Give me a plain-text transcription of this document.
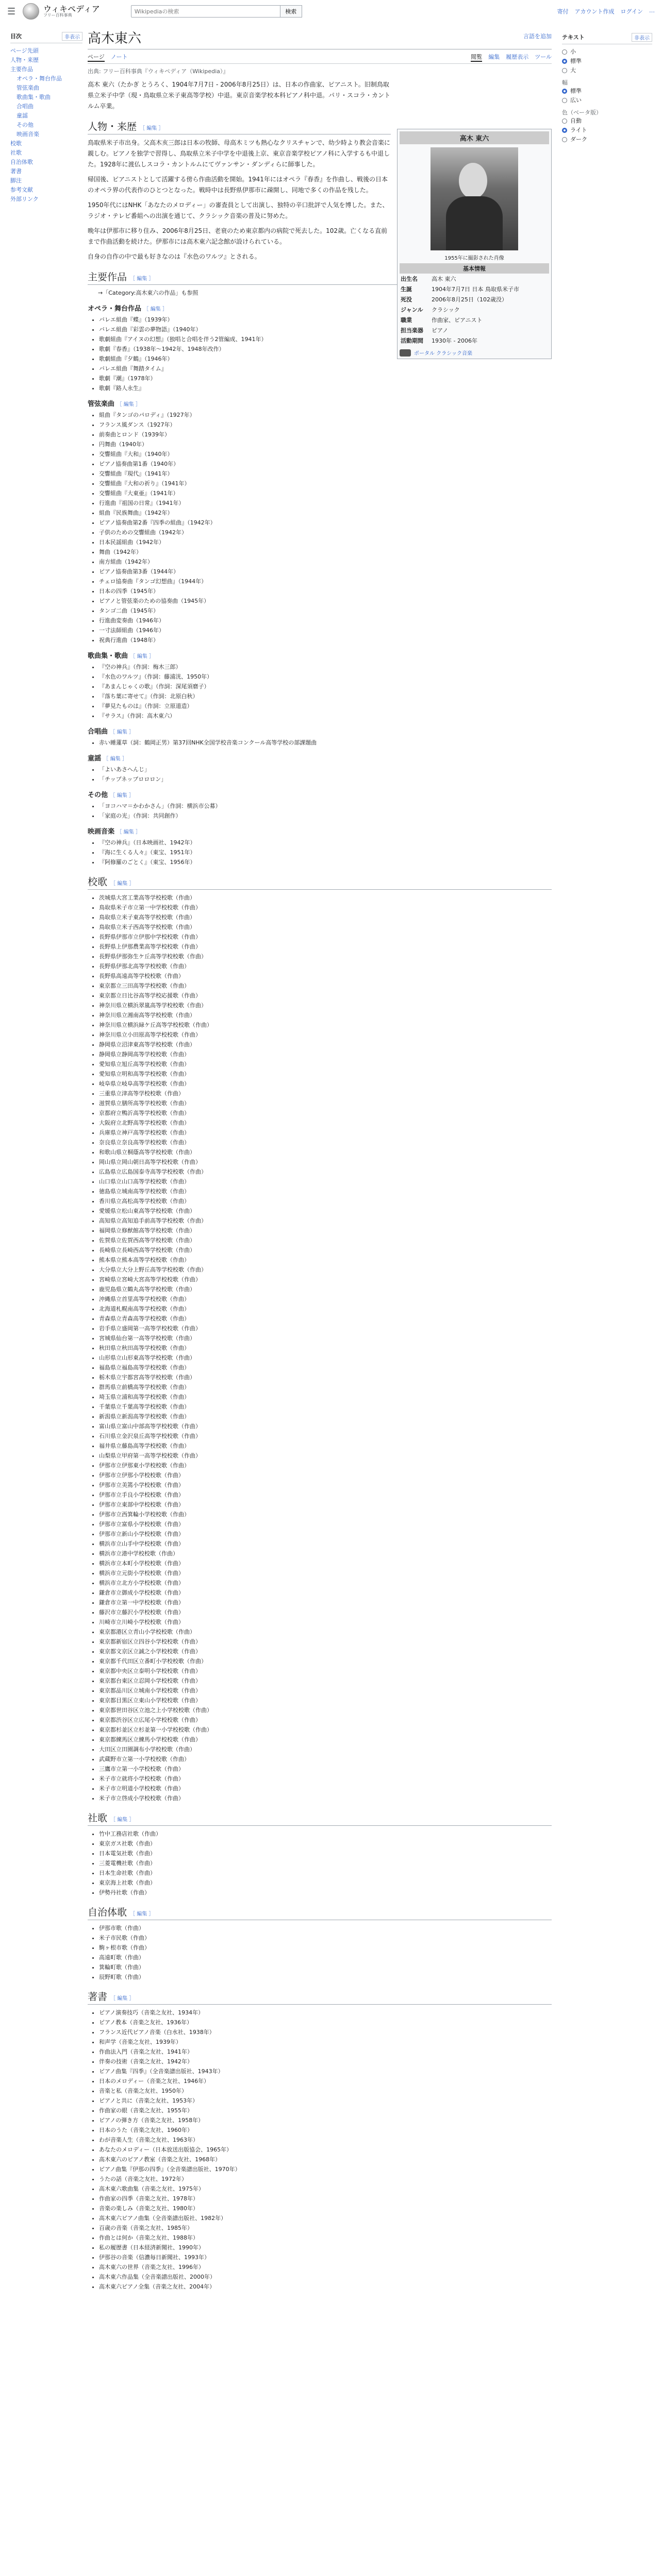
☰	ウィキペディア
フリー百科事典
Wikipediaの検索
検索	寄付 アカウント作成 ログイン …
目次	非表示
ページ先頭
人物・来歴
主要作品
オペラ・舞台作品
管弦楽曲
歌曲集・歌曲
合唱曲
童謡
その他
映画音楽
校歌
社歌
自治体歌
著書
脚注
参考文献
外部リンク
高木東六	言語を追加
ページ ノート	閲覧 編集 履歴表示 ツール
出典: フリー百科事典『ウィキペディア（Wikipedia）』

高木 東六（たかぎ とうろく、1904年7月7日 - 2006年8月25日）は、日本の作曲家、ピアニスト。旧制鳥取県立米子中学（現・鳥取県立米子東高等学校）中退。東京音楽学校本科ピアノ科中退。パリ・スコラ・カントルム卒業。

人物・来歴 ［ 編集 ］

鳥取県米子市出身。父高木亥三郎は日本の牧師、母高木ミツも熱心なクリスチャンで、幼少時より教会音楽に親しむ。ピアノを独学で習得し、鳥取県立米子中学を中退後上京、東京音楽学校ピアノ科に入学するも中退した。1928年に渡仏しスコラ・カントルムにてヴァンサン・ダンディらに師事した。

帰国後、ピアニストとして活躍する傍ら作曲活動を開始。1941年にはオペラ『春香』を作曲し、戦後の日本のオペラ界の代表作のひとつとなった。戦時中は長野県伊那市に疎開し、同地で多くの作品を残した。

1950年代にはNHK「あなたのメロディー」の審査員として出演し、独特の辛口批評で人気を博した。また、ラジオ・テレビ番組への出演を通じて、クラシック音楽の普及に努めた。

晩年は伊那市に移り住み、2006年8月25日、老衰のため東京都内の病院で死去した。102歳。亡くなる直前まで作曲活動を続けた。伊那市には高木東六記念館が設けられている。

自身の自作の中で最も好きなのは『水色のワルツ』とされる。

高木 東六
1955年に撮影された肖像
基本情報
出生名	高木 東六
生誕	1904年7月7日 日本 鳥取県米子市
死没	2006年8月25日（102歳没）
ジャンル	クラシック
職業	作曲家、ピアニスト
担当楽器	ピアノ
活動期間	1930年 - 2006年
ポータル クラシック音楽
主要作品 ［ 編集 ］
→「Category:高木東六の作品」も参照
オペラ・舞台作品 ［ 編集 ］
• バレエ組曲『蝶』（1939年）
• バレエ組曲『彩雲の夢物語』（1940年）
• 歌劇組曲『アイヌの幻想』（独唱と合唱を伴う2管編成、1941年）
• 歌劇『春香』（1938年〜1942年、1948年改作）
• 歌劇組曲『夕鶴』（1946年）
• バレエ組曲『舞踏タイム』
• 歌劇『潮』（1978年）
• 歌劇『路人永生』
管弦楽曲 ［ 編集 ］
• 組曲『タンゴのパロディ』（1927年）
• フランス風ダンス（1927年）
• 前奏曲とロンド（1939年）
• 円舞曲（1940年）
• 交響組曲『大和』（1940年）
• ピアノ協奏曲第1番（1940年）
• 交響組曲『現代』（1941年）
• 交響組曲『大和の祈り』（1941年）
• 交響組曲『大東亜』（1941年）
• 行進曲『祖国の日常』（1941年）
• 組曲『民族舞曲』（1942年）
• ピアノ協奏曲第2番『四季の組曲』（1942年）
• 子供のための交響組曲（1942年）
• 日本民謡組曲（1942年）
• 舞曲（1942年）
• 南方組曲（1942年）
• ピアノ協奏曲第3番（1944年）
• チェロ協奏曲『タンゴ幻想曲』（1944年）
• 日本の四季（1945年）
• ピアノと管弦楽のための協奏曲（1945年）
• タンゴ二曲（1945年）
• 行進曲変奏曲（1946年）
• 一寸法師組曲（1946年）
• 祝典行進曲（1948年）
歌曲集・歌曲 ［ 編集 ］
• 『空の神兵』（作詞：梅木三郎）
• 『水色のワルツ』（作詞：藤浦洸、1950年）
• 『あまんじゃくの歌』（作詞：深尾須磨子）
• 『落ち葉に寄せて』（作詞：北原白秋）
• 『夢見たものは』（作詞：立原道造）
• 『サラス』（作詞：高木東六）
合唱曲 ［ 編集 ］
• 赤い睡蓮草（詞：鶴岡正男）第37回NHK全国学校音楽コンクール高等学校の部課題曲
童謡 ［ 編集 ］
• 「よいあさへんじ」
• 「チップネッブロロロン」
その他 ［ 編集 ］
• 「ヨコハマ＝かわかさん」（作詞：横浜市公募）
• 「家庭の光」（作詞：共同創作）
映画音楽 ［ 編集 ］
• 『空の神兵』（日本映画社、1942年）
• 『海に生くる人々』（東宝、1951年）
• 『阿修羅のごとく』（東宝、1956年）
校歌 ［ 編集 ］
• 茨城県大宮工業高等学校校歌（作曲）
• 鳥取県米子市立第一中学校校歌（作曲）
• 鳥取県立米子東高等学校校歌（作曲）
• 鳥取県立米子西高等学校校歌（作曲）
• 長野県伊那市立伊那中学校校歌（作曲）
• 長野県上伊那農業高等学校校歌（作曲）
• 長野県伊那弥生ケ丘高等学校校歌（作曲）
• 長野県伊那北高等学校校歌（作曲）
• 長野県高遠高等学校校歌（作曲）
• 東京都立三田高等学校校歌（作曲）
• 東京都立日比谷高等学校応援歌（作曲）
• 神奈川県立横浜翠嵐高等学校校歌（作曲）
• 神奈川県立湘南高等学校校歌（作曲）
• 神奈川県立横浜緑ケ丘高等学校校歌（作曲）
• 神奈川県立小田原高等学校校歌（作曲）
• 静岡県立沼津東高等学校校歌（作曲）
• 静岡県立静岡高等学校校歌（作曲）
• 愛知県立旭丘高等学校校歌（作曲）
• 愛知県立明和高等学校校歌（作曲）
• 岐阜県立岐阜高等学校校歌（作曲）
• 三重県立津高等学校校歌（作曲）
• 滋賀県立膳所高等学校校歌（作曲）
• 京都府立鴨沂高等学校校歌（作曲）
• 大阪府立北野高等学校校歌（作曲）
• 兵庫県立神戸高等学校校歌（作曲）
• 奈良県立奈良高等学校校歌（作曲）
• 和歌山県立桐蔭高等学校校歌（作曲）
• 岡山県立岡山朝日高等学校校歌（作曲）
• 広島県立広島国泰寺高等学校校歌（作曲）
• 山口県立山口高等学校校歌（作曲）
• 徳島県立城南高等学校校歌（作曲）
• 香川県立高松高等学校校歌（作曲）
• 愛媛県立松山東高等学校校歌（作曲）
• 高知県立高知追手前高等学校校歌（作曲）
• 福岡県立修猷館高等学校校歌（作曲）
• 佐賀県立佐賀西高等学校校歌（作曲）
• 長崎県立長崎西高等学校校歌（作曲）
• 熊本県立熊本高等学校校歌（作曲）
• 大分県立大分上野丘高等学校校歌（作曲）
• 宮崎県立宮崎大宮高等学校校歌（作曲）
• 鹿児島県立鶴丸高等学校校歌（作曲）
• 沖縄県立首里高等学校校歌（作曲）
• 北海道札幌南高等学校校歌（作曲）
• 青森県立青森高等学校校歌（作曲）
• 岩手県立盛岡第一高等学校校歌（作曲）
• 宮城県仙台第一高等学校校歌（作曲）
• 秋田県立秋田高等学校校歌（作曲）
• 山形県立山形東高等学校校歌（作曲）
• 福島県立福島高等学校校歌（作曲）
• 栃木県立宇都宮高等学校校歌（作曲）
• 群馬県立前橋高等学校校歌（作曲）
• 埼玉県立浦和高等学校校歌（作曲）
• 千葉県立千葉高等学校校歌（作曲）
• 新潟県立新潟高等学校校歌（作曲）
• 富山県立富山中部高等学校校歌（作曲）
• 石川県立金沢泉丘高等学校校歌（作曲）
• 福井県立藤島高等学校校歌（作曲）
• 山梨県立甲府第一高等学校校歌（作曲）
• 伊那市立伊那東小学校校歌（作曲）
• 伊那市立伊那小学校校歌（作曲）
• 伊那市立美篶小学校校歌（作曲）
• 伊那市立手良小学校校歌（作曲）
• 伊那市立東部中学校校歌（作曲）
• 伊那市立西箕輪小学校校歌（作曲）
• 伊那市立富県小学校校歌（作曲）
• 伊那市立新山小学校校歌（作曲）
• 横浜市立山手中学校校歌（作曲）
• 横浜市立港中学校校歌（作曲）
• 横浜市立本町小学校校歌（作曲）
• 横浜市立元街小学校校歌（作曲）
• 横浜市立北方小学校校歌（作曲）
• 鎌倉市立御成小学校校歌（作曲）
• 鎌倉市立第一中学校校歌（作曲）
• 藤沢市立藤沢小学校校歌（作曲）
• 川崎市立川崎小学校校歌（作曲）
• 東京都港区立青山小学校校歌（作曲）
• 東京都新宿区立四谷小学校校歌（作曲）
• 東京都文京区立誠之小学校校歌（作曲）
• 東京都千代田区立番町小学校校歌（作曲）
• 東京都中央区立泰明小学校校歌（作曲）
• 東京都台東区立忍岡小学校校歌（作曲）
• 東京都品川区立城南小学校校歌（作曲）
• 東京都目黒区立東山小学校校歌（作曲）
• 東京都世田谷区立池之上小学校校歌（作曲）
• 東京都渋谷区立広尾小学校校歌（作曲）
• 東京都杉並区立杉並第一小学校校歌（作曲）
• 東京都練馬区立練馬小学校校歌（作曲）
• 大田区立田園調布小学校校歌（作曲）
• 武蔵野市立第一小学校校歌（作曲）
• 三鷹市立第一小学校校歌（作曲）
• 米子市立就将小学校校歌（作曲）
• 米子市立明道小学校校歌（作曲）
• 米子市立啓成小学校校歌（作曲）
社歌 ［ 編集 ］
• 竹中工務店社歌（作曲）
• 東京ガス社歌（作曲）
• 日本電気社歌（作曲）
• 三菱電機社歌（作曲）
• 日本生命社歌（作曲）
• 東京海上社歌（作曲）
• 伊勢丹社歌（作曲）
自治体歌 ［ 編集 ］
• 伊那市歌（作曲）
• 米子市民歌（作曲）
• 駒ヶ根市歌（作曲）
• 高遠町歌（作曲）
• 箕輪町歌（作曲）
• 辰野町歌（作曲）
著書 ［ 編集 ］
• ピアノ演奏技巧（音楽之友社、1934年）
• ピアノ教本（音楽之友社、1936年）
• フランス近代ピアノ音楽（白水社、1938年）
• 和声学（音楽之友社、1939年）
• 作曲法入門（音楽之友社、1941年）
• 伴奏の技術（音楽之友社、1942年）
• ピアノ曲集『四季』（全音楽譜出版社、1943年）
• 日本のメロディー（音楽之友社、1946年）
• 音楽と私（音楽之友社、1950年）
• ピアノと共に（音楽之友社、1953年）
• 作曲家の眼（音楽之友社、1955年）
• ピアノの弾き方（音楽之友社、1958年）
• 日本のうた（音楽之友社、1960年）
• わが音楽人生（音楽之友社、1963年）
• あなたのメロディー（日本放送出版協会、1965年）
• 高木東六のピアノ教室（音楽之友社、1968年）
• ピアノ曲集『伊那の四季』（全音楽譜出版社、1970年）
• うたの話（音楽之友社、1972年）
• 高木東六歌曲集（音楽之友社、1975年）
• 作曲家の四季（音楽之友社、1978年）
• 音楽の楽しみ（音楽之友社、1980年）
• 高木東六ピアノ曲集（全音楽譜出版社、1982年）
• 百歳の音楽（音楽之友社、1985年）
• 作曲とは何か（音楽之友社、1988年）
• 私の履歴書（日本経済新聞社、1990年）
• 伊那谷の音楽（信濃毎日新聞社、1993年）
• 高木東六の世界（音楽之友社、1996年）
• 高木東六作品集（全音楽譜出版社、2000年）
• 高木東六ピアノ全集（音楽之友社、2004年）
テキスト	非表示
小
標準
大
幅
標準
広い
色（ベータ版）
自動
ライト
ダーク
